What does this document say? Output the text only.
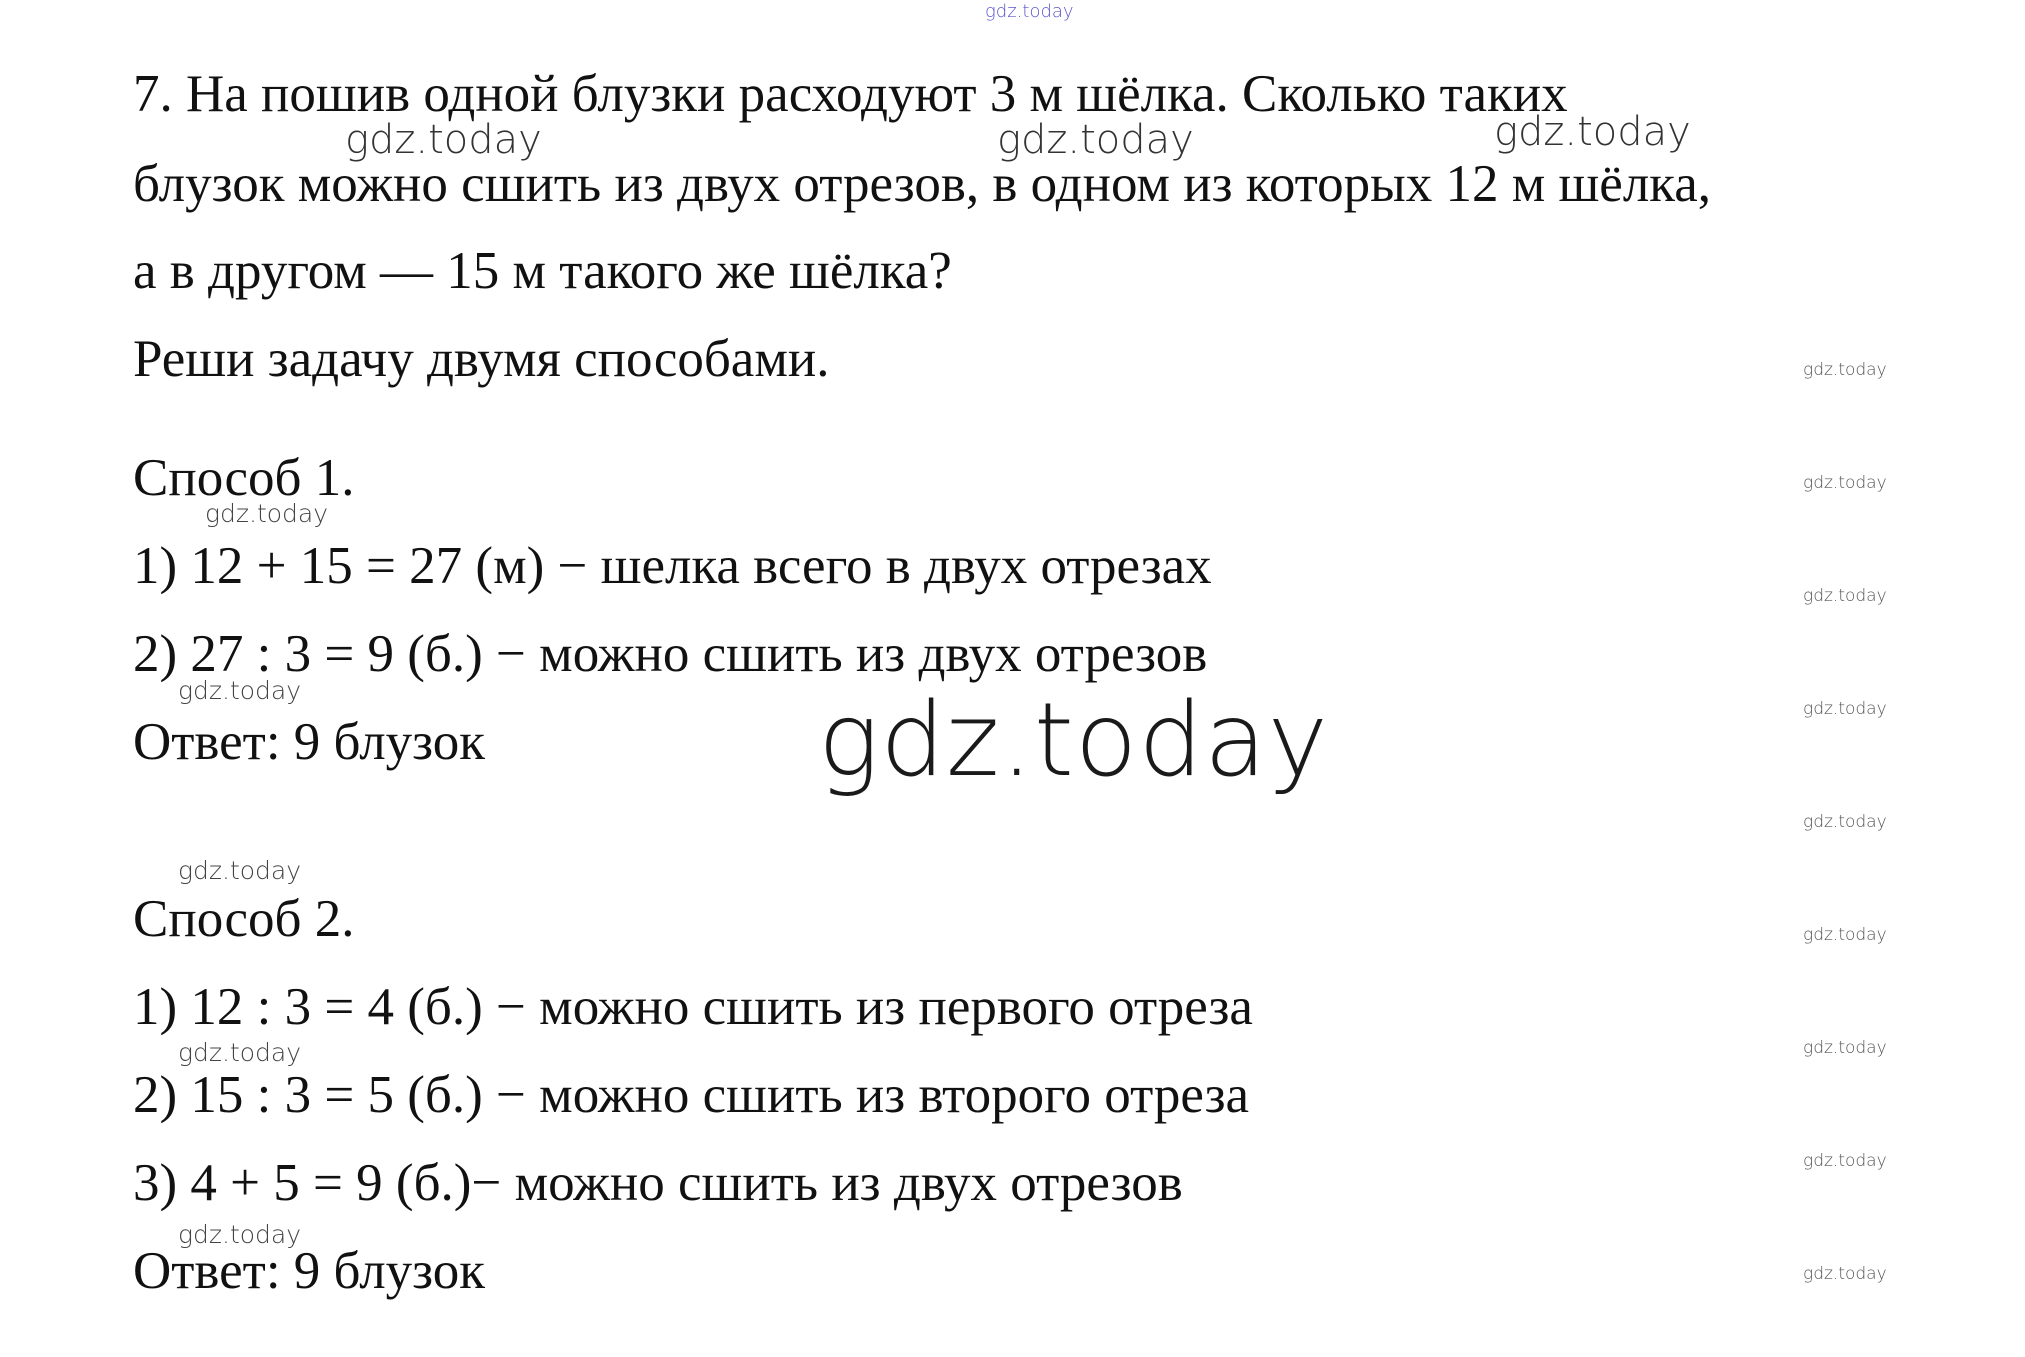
gdz.today
7. На пошив одной блузки расходуют 3 м шёлка. Сколько таких
блузок можно сшить из двух отрезов, в одном из которых 12 м шёлка,
а в другом — 15 м такого же шёлка?
Реши задачу двумя способами.
Способ 1.
1) 12 + 15 = 27 (м) − шелка всего в двух отрезах
2) 27 : 3 = 9 (б.) − можно сшить из двух отрезов
Ответ: 9 блузок
Способ 2.
1) 12 : 3 = 4 (б.) − можно сшить из первого отреза
2) 15 : 3 = 5 (б.) − можно сшить из второго отреза
3) 4 + 5 = 9 (б.)− можно сшить из двух отрезов
Ответ: 9 блузок
gdz.today	gdz.today	gdz.today
gdz.today
gdz.today
gdz.today
gdz.today
gdz.today
gdz.today
gdz.today
gdz.today
gdz.today
gdz.today
gdz.today
gdz.today
gdz.today
gdz.today
gdz.today
